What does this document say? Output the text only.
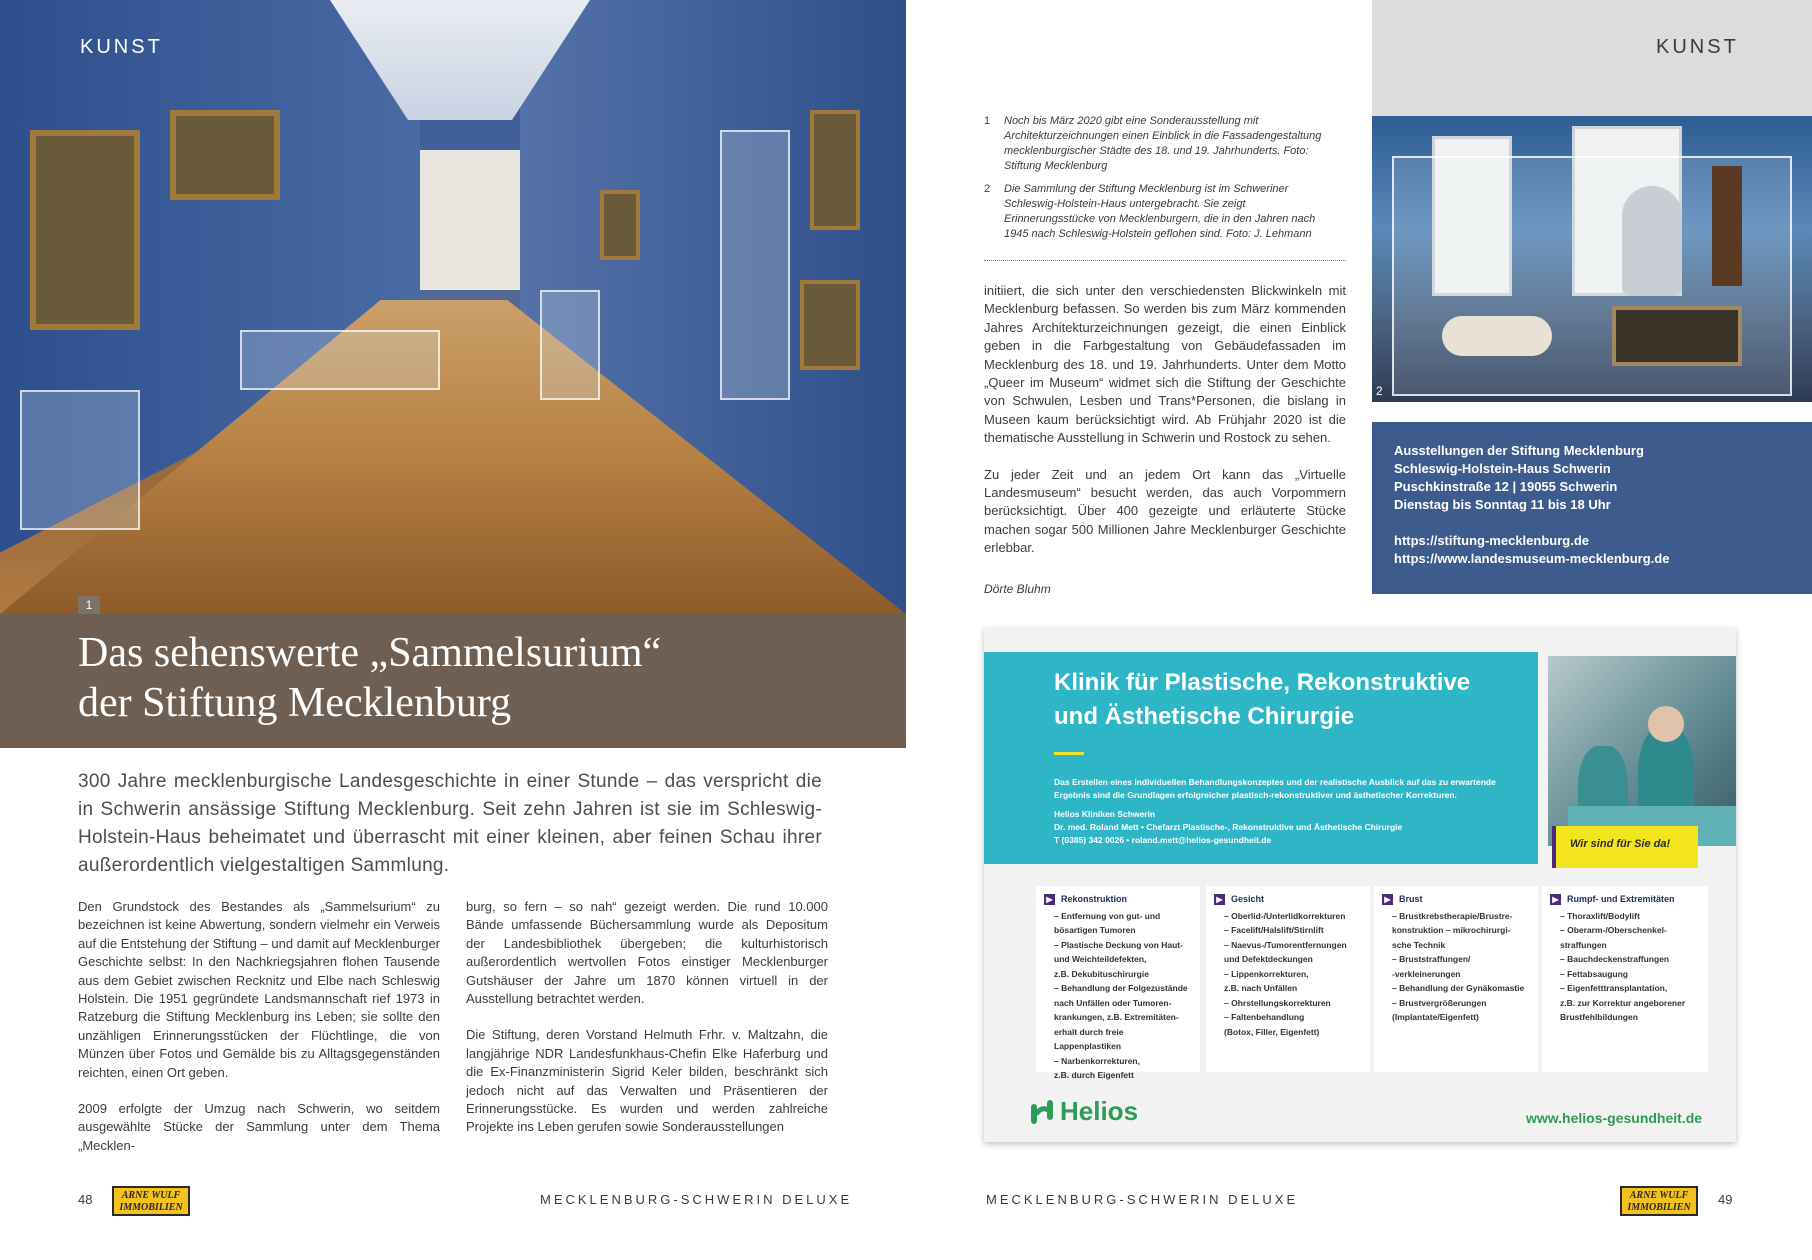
1
KUNST
Das sehenswerte „Sammelsurium“
der Stiftung Mecklenburg
300 Jahre mecklenburgische Landesgeschichte in einer Stunde – das verspricht die in Schwerin ansässige Stiftung Mecklenburg. Seit zehn Jahren ist sie im Schleswig-Holstein-Haus beheimatet und überrascht mit einer kleinen, aber feinen Schau ihrer außerordentlich vielgestaltigen Sammlung.

Den Grundstock des Bestandes als „Sammelsurium“ zu bezeichnen ist keine Abwertung, sondern vielmehr ein Verweis auf die Entstehung der Stiftung – und damit auf Mecklenburger Geschichte selbst: In den Nachkriegsjahren flohen Tausende aus dem Gebiet zwischen Recknitz und Elbe nach Schleswig Holstein. Die 1951 gegründete Landsmannschaft rief 1973 in Ratzeburg die Stiftung Mecklenburg ins Leben; sie sollte den unzähligen Erinnerungsstücken der Flüchtlinge, die von Münzen über Fotos und Gemälde bis zu Alltagsgegenständen reichten, einen Ort geben.

2009 erfolgte der Umzug nach Schwerin, wo seitdem ausgewählte Stücke der Sammlung unter dem Thema „Mecklen-

burg, so fern – so nah“ gezeigt werden. Die rund 10.000 Bände umfassende Büchersammlung wurde als Depositum der Landesbibliothek übergeben; die kulturhistorisch außerordentlich wertvollen Fotos einstiger Mecklenburger Gutshäuser der Jahre um 1870 können virtuell in der Ausstellung betrachtet werden.

Die Stiftung, deren Vorstand Helmuth Frhr. v. Maltzahn, die langjährige NDR Landesfunkhaus-Chefin Elke Haferburg und die Ex-Finanzministerin Sigrid Keler bilden, beschränkt sich jedoch nicht auf das Verwalten und Präsentieren der Erinnerungsstücke. Es wurden und werden zahlreiche Projekte ins Leben gerufen sowie Sonderausstellungen

48	ARNE WULF
IMMOBILIEN
MECKLENBURG-SCHWERIN DELUXE
KUNST
1 Noch bis März 2020 gibt eine Sonderausstellung mit Architekturzeichnungen einen Einblick in die Fassadengestaltung mecklenburgischer Städte des 18. und 19. Jahrhunderts. Foto: Stiftung Mecklenburg
2 Die Sammlung der Stiftung Mecklenburg ist im Schweriner Schleswig-Holstein-Haus untergebracht. Sie zeigt Erinnerungsstücke von Mecklenburgern, die in den Jahren nach 1945 nach Schleswig-Holstein geflohen sind. Foto: J. Lehmann

initiiert, die sich unter den verschiedensten Blickwinkeln mit Mecklenburg befassen. So werden bis zum März kommenden Jahres Architekturzeichnungen gezeigt, die einen Einblick geben in die Farbgestaltung von Gebäudefassaden im Mecklenburg des 18. und 19. Jahrhunderts. Unter dem Motto „Queer im Museum“ widmet sich die Stiftung der Geschichte von Schwulen, Lesben und Trans*Personen, die bislang in Museen kaum berücksichtigt wird. Ab Frühjahr 2020 ist die thematische Ausstellung in Schwerin und Rostock zu sehen.

Zu jeder Zeit und an jedem Ort kann das „Virtuelle Landesmuseum“ besucht werden, das auch Vorpommern berücksichtigt. Über 400 gezeigte und erläuterte Stücke machen sogar 500 Millionen Jahre Mecklenburger Geschichte erlebbar.

Dörte Bluhm
2
Ausstellungen der Stiftung Mecklenburg
Schleswig-Holstein-Haus Schwerin
Puschkinstraße 12 | 19055 Schwerin
Dienstag bis Sonntag 11 bis 18 Uhr
https://stiftung-mecklenburg.de
https://www.landesmuseum-mecklenburg.de
Klinik für Plastische, Rekonstruktive
und Ästhetische Chirurgie
Das Erstellen eines individuellen Behandlungskonzeptes und der realistische Ausblick auf das zu erwartende Ergebnis sind die Grundlagen erfolgreicher plastisch-rekonstruktiver und ästhetischer Korrekturen.
Helios Kliniken Schwerin
Dr. med. Roland Mett • Chefarzt Plastische-, Rekonstruktive und Ästhetische Chirurgie
T (0385) 342 0026 • roland.mett@helios-gesundheit.de	Wir sind für Sie da!
▶ Rekonstruktion
– Entfernung von gut- und
bösartigen Tumoren
– Plastische Deckung von Haut-
und Weichteildefekten,
z.B. Dekubituschirurgie
– Behandlung der Folgezustände
nach Unfällen oder Tumoren-
krankungen, z.B. Extremitäten-
erhalt durch freie Lappenplastiken
– Narbenkorrekturen,
z.B. durch Eigenfett
▶ Gesicht
– Oberlid-/Unterlidkorrekturen
– Facelift/Halslift/Stirnlift
– Naevus-/Tumorentfernungen
und Defektdeckungen
– Lippenkorrekturen,
z.B. nach Unfällen
– Ohrstellungskorrekturen
– Faltenbehandlung
(Botox, Filler, Eigenfett)
▶ Brust
– Brustkrebstherapie/Brustre-
konstruktion – mikrochirurgi-
sche Technik
– Bruststraffungen/
-verkleinerungen
– Behandlung der Gynäkomastie
– Brustvergrößerungen
(Implantate/Eigenfett)
▶ Rumpf- und Extremitäten
– Thoraxlift/Bodylift
– Oberarm-/Oberschenkel-
straffungen
– Bauchdeckenstraffungen
– Fettabsaugung
– Eigenfetttransplantation,
z.B. zur Korrektur angeborener
Brustfehlbildungen
Helios	www.helios-gesundheit.de
MECKLENBURG-SCHWERIN DELUXE	ARNE WULF
IMMOBILIEN
49
